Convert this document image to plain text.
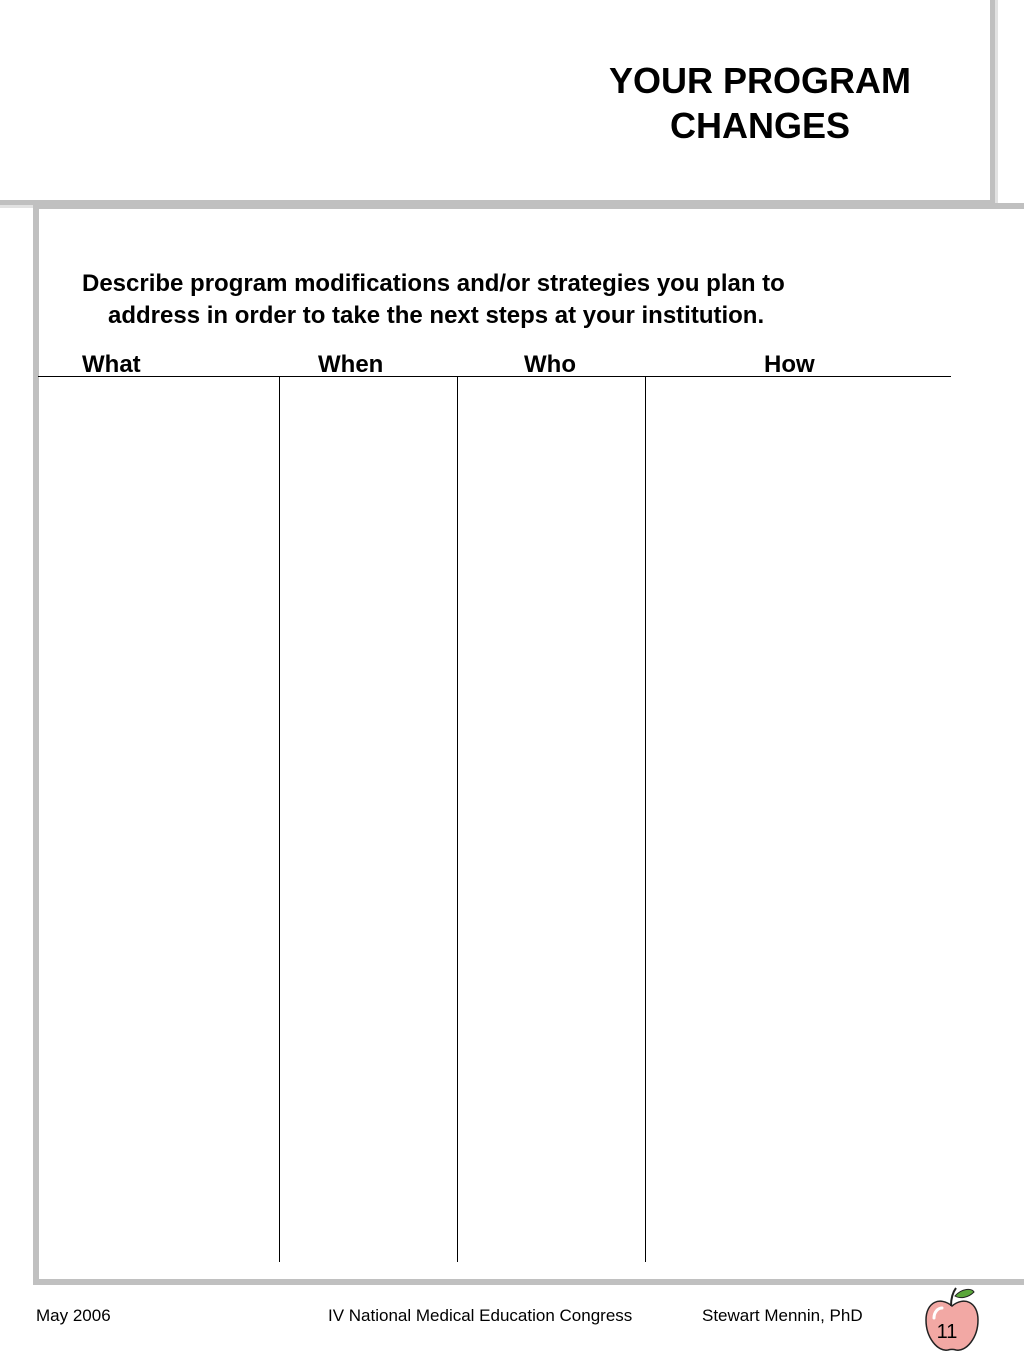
YOUR PROGRAM
CHANGES
Describe program modifications and/or strategies you plan to
address in order to take the next steps at your institution.
What	When	Who	How
May 2006	IV National Medical Education Congress	Stewart Mennin, PhD
11
